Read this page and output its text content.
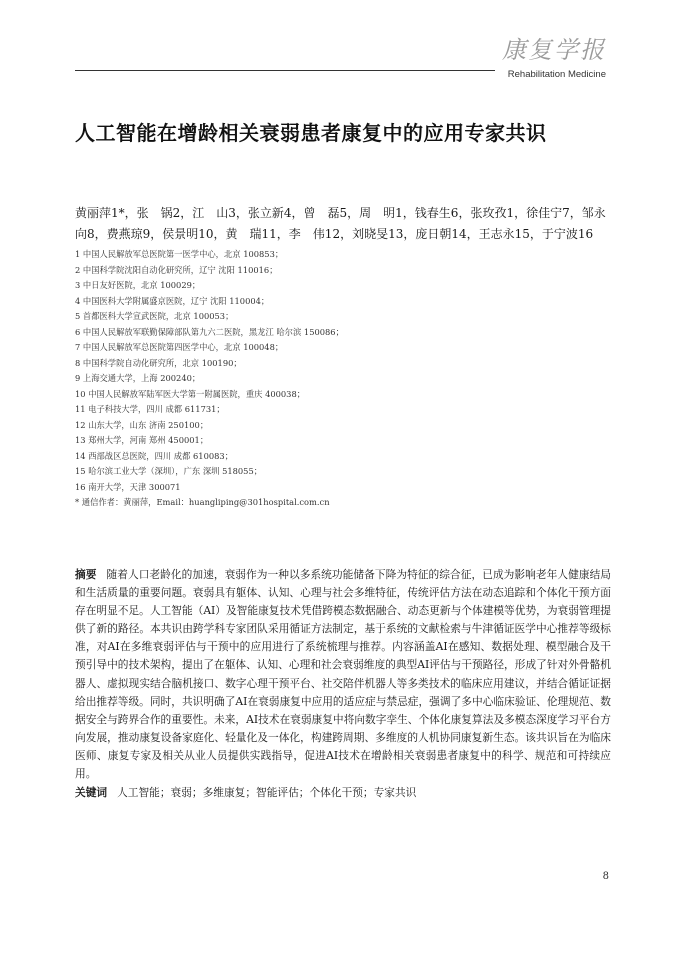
康复学报
Rehabilitation Medicine
人工智能在增龄相关衰弱患者康复中的应用专家共识
黄丽萍1*，张　锅2，江　山3，张立新4，曾　磊5，周　明1，钱春生6，张玫孜1，徐佳宁7，邹永向8，费燕琼9，侯景明10，黄　瑞11，李　伟12，刘晓旻13，庞日朝14，王志永15，于宁波16
1 中国人民解放军总医院第一医学中心，北京 100853；
2 中国科学院沈阳自动化研究所，辽宁 沈阳 110016；
3 中日友好医院，北京 100029；
4 中国医科大学附属盛京医院，辽宁 沈阳 110004；
5 首都医科大学宣武医院，北京 100053；
6 中国人民解放军联勤保障部队第九六二医院，黑龙江 哈尔滨 150086；
7 中国人民解放军总医院第四医学中心，北京 100048；
8 中国科学院自动化研究所，北京 100190；
9 上海交通大学，上海 200240；
10 中国人民解放军陆军医大学第一附属医院，重庆 400038；
11 电子科技大学，四川 成都 611731；
12 山东大学，山东 济南 250100；
13 郑州大学，河南 郑州 450001；
14 西部战区总医院，四川 成都 610083；
15 哈尔滨工业大学（深圳），广东 深圳 518055；
16 南开大学，天津 300071
* 通信作者：黄丽萍，Email：huangliping@301hospital.com.cn

摘要 随着人口老龄化的加速，衰弱作为一种以多系统功能储备下降为特征的综合征，已成为影响老年人健康结局和生活质量的重要问题。衰弱具有躯体、认知、心理与社会多维特征，传统评估方法在动态追踪和个体化干预方面存在明显不足。人工智能（AI）及智能康复技术凭借跨模态数据融合、动态更新与个体建模等优势，为衰弱管理提供了新的路径。本共识由跨学科专家团队采用循证方法制定，基于系统的文献检索与牛津循证医学中心推荐等级标准，对AI在多维衰弱评估与干预中的应用进行了系统梳理与推荐。内容涵盖AI在感知、数据处理、模型融合及干预引导中的技术架构，提出了在躯体、认知、心理和社会衰弱维度的典型AI评估与干预路径，形成了针对外骨骼机器人、虚拟现实结合脑机接口、数字心理干预平台、社交陪伴机器人等多类技术的临床应用建议，并结合循证证据给出推荐等级。同时，共识明确了AI在衰弱康复中应用的适应症与禁忌症，强调了多中心临床验证、伦理规范、数据安全与跨界合作的重要性。未来，AI技术在衰弱康复中将向数字孪生、个体化康复算法及多模态深度学习平台方向发展，推动康复设备家庭化、轻量化及一体化，构建跨周期、多维度的人机协同康复新生态。该共识旨在为临床医师、康复专家及相关从业人员提供实践指导，促进AI技术在增龄相关衰弱患者康复中的科学、规范和可持续应用。

关键词 人工智能；衰弱；多维康复；智能评估；个体化干预；专家共识
8
